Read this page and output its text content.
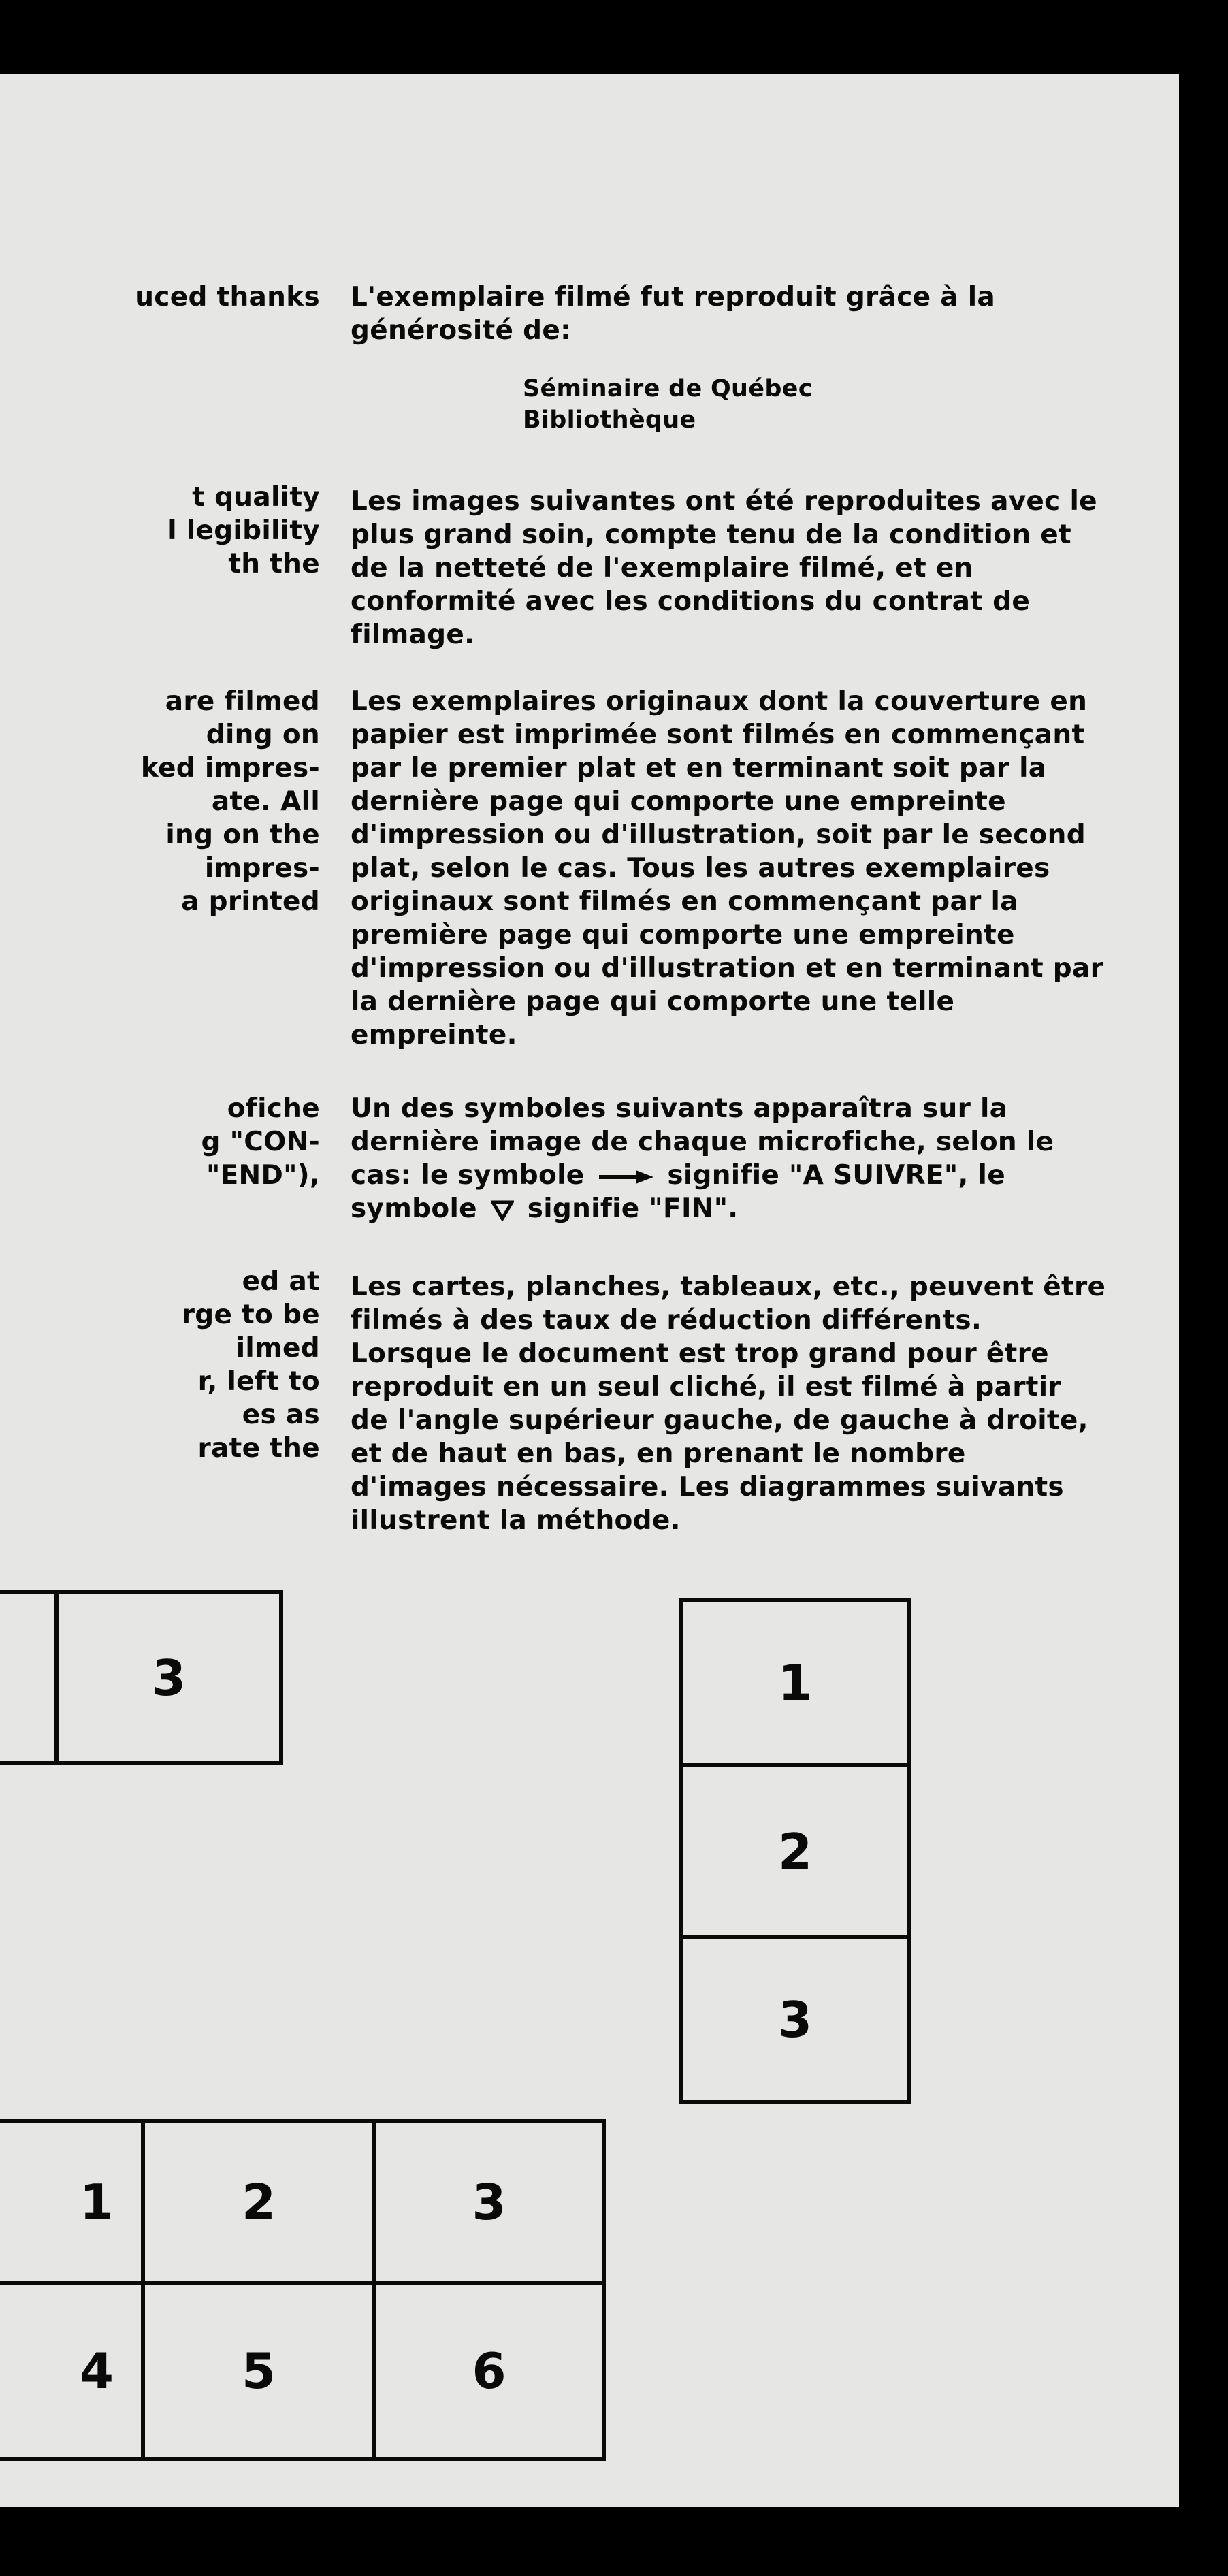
uced thanks
t quality
l legibility
th the
are filmed
ding on
ked impres-
ate. All
ing on the
impres-
a printed
ofiche
g "CON-
"END"),
ed at
rge to be
ilmed
r, left to
es as
rate the
L'exemplaire filmé fut reproduit grâce à la
générosité de:
Séminaire de Québec
Bibliothèque
Les images suivantes ont été reproduites avec le
plus grand soin, compte tenu de la condition et
de la netteté de l'exemplaire filmé, et en
conformité avec les conditions du contrat de
filmage.
Les exemplaires originaux dont la couverture en
papier est imprimée sont filmés en commençant
par le premier plat et en terminant soit par la
dernière page qui comporte une empreinte
d'impression ou d'illustration, soit par le second
plat, selon le cas. Tous les autres exemplaires
originaux sont filmés en commençant par la
première page qui comporte une empreinte
d'impression ou d'illustration et en terminant par
la dernière page qui comporte une telle
empreinte.
Un des symboles suivants apparaîtra sur la
dernière image de chaque microfiche, selon le
cas: le symbole	signifie "A SUIVRE", le
symbole signifie "FIN".
Les cartes, planches, tableaux, etc., peuvent être
filmés à des taux de réduction différents.
Lorsque le document est trop grand pour être
reproduit en un seul cliché, il est filmé à partir
de l'angle supérieur gauche, de gauche à droite,
et de haut en bas, en prenant le nombre
d'images nécessaire. Les diagrammes suivants
illustrent la méthode.
3	1
2
3
1	2	3
4	5	6
